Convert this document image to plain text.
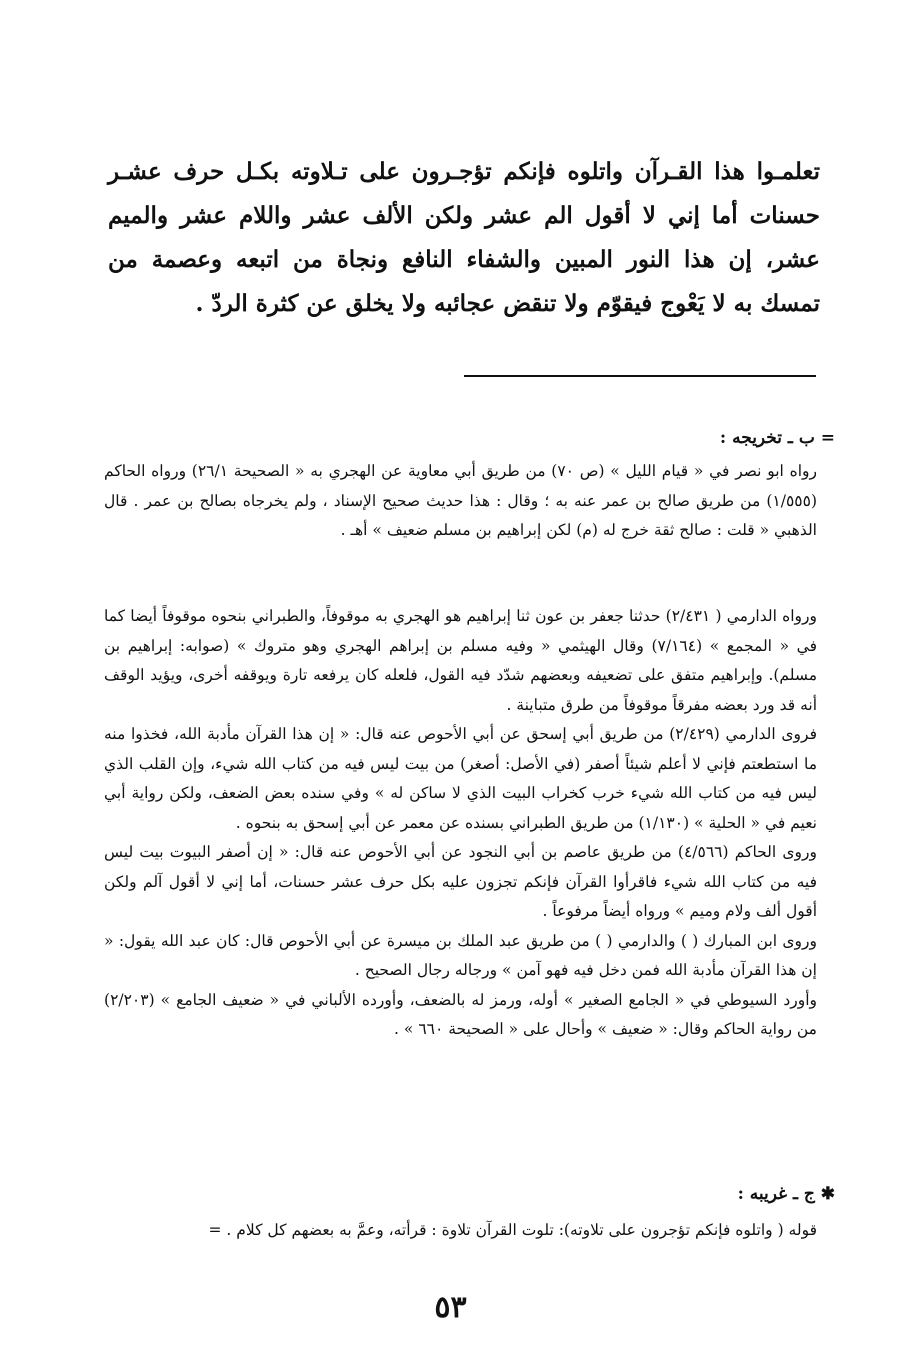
تعلمـوا هذا القـرآن واتلوه فإنكم تؤجـرون على تـلاوته بكـل حرف عشـر حسنات أما إني لا أقول الم عشر ولكن الألف عشر واللام عشر والميم عشر، إن هذا النور المبين والشفاء النافع ونجاة من اتبعه وعصمة من تمسك به لا يَعْوج فيقوّم ولا تنقض عجائبه ولا يخلق عن كثرة الردّ .

= ب ـ تخريجه :

رواه ابو نصر في « قيام الليل » (ص ٧٠) من طريق أبي معاوية عن الهجري به « الصحيحة ٢٦/١) ورواه الحاكم (١/٥٥٥) من طريق صالح بن عمر عنه به ؛ وقال : هذا حديث صحيح الإسناد ، ولم يخرجاه بصالح بن عمر . قال الذهبي « قلت : صالح ثقة خرج له (م) لكن إبراهيم بن مسلم ضعيف » أهـ .

ورواه الدارمي ( ٢/٤٣١) حدثنا جعفر بن عون ثنا إبراهيم هو الهجري به موقوفاً، والطبراني بنحوه موقوفاً أيضا كما في « المجمع » (٧/١٦٤) وقال الهيثمي « وفيه مسلم بن إبراهم الهجري وهو متروك » (صوابه: إبراهيم بن مسلم). وإبراهيم متفق على تضعيفه وبعضهم شدّد فيه القول، فلعله كان يرفعه تارة ويوقفه أخرى، ويؤيد الوقف أنه قد ورد بعضه مفرقاً موقوفاً من طرق متباينة .

فروى الدارمي (٢/٤٢٩) من طريق أبي إسحق عن أبي الأحوص عنه قال: « إن هذا القرآن مأدبة الله، فخذوا منه ما استطعتم فإني لا أعلم شيئاً أصفر (في الأصل: أصغر) من بيت ليس فيه من كتاب الله شيء، وإن القلب الذي ليس فيه من كتاب الله شيء خرب كخراب البيت الذي لا ساكن له » وفي سنده بعض الضعف، ولكن رواية أبي نعيم في « الحلية » (١/١٣٠) من طريق الطبراني بسنده عن معمر عن أبي إسحق به بنحوه .

وروى الحاكم (٤/٥٦٦) من طريق عاصم بن أبي النجود عن أبي الأحوص عنه قال: « إن أصفر البيوت بيت ليس فيه من كتاب الله شيء فاقرأوا القرآن فإنكم تجزون عليه بكل حرف عشر حسنات، أما إني لا أقول آلم ولكن أقول ألف ولام وميم » ورواه أيضاً مرفوعاً .

وروى ابن المبارك ( ) والدارمي ( ) من طريق عبد الملك بن ميسرة عن أبي الأحوص قال: كان عبد الله يقول: « إن هذا القرآن مأدبة الله فمن دخل فيه فهو آمن » ورجاله رجال الصحيح .

وأورد السيوطي في « الجامع الصغير » أوله، ورمز له بالضعف، وأورده الألباني في « ضعيف الجامع » (٢/٢٠٣) من رواية الحاكم وقال: « ضعيف » وأحال على « الصحيحة ٦٦٠ » .

✱ ج ـ غريبه :

قوله ( واتلوه فإنكم تؤجرون على تلاوته): تلوت القرآن تلاوة : قرأته، وعمَّ به بعضهم كل كلام . =

٥٣
